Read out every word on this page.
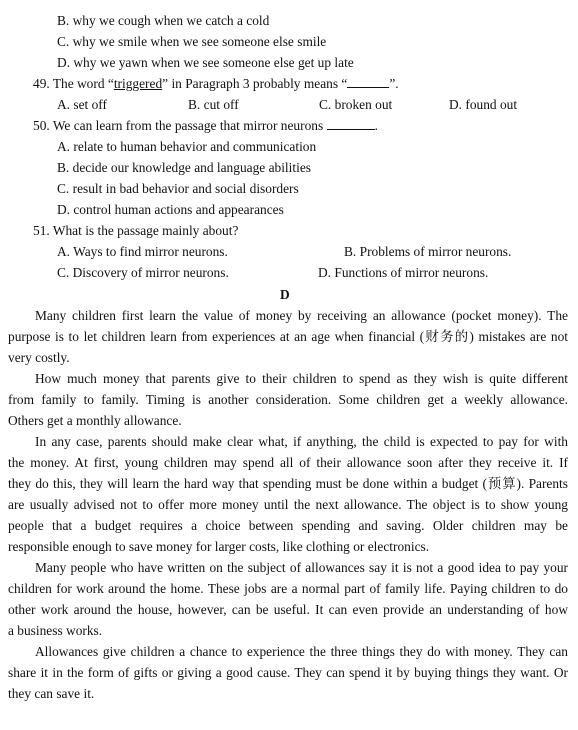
B. why we cough when we catch a cold
C. why we smile when we see someone else smile
D. why we yawn when we see someone else get up late
49. The word “triggered” in Paragraph 3 probably means “	”.
A. set off	B. cut off	C. broken out	D. found out
50. We can learn from the passage that mirror neurons	.
A. relate to human behavior and communication
B. decide our knowledge and language abilities
C. result in bad behavior and social disorders
D. control human actions and appearances
51. What is the passage mainly about?
A. Ways to find mirror neurons.	B. Problems of mirror neurons.
C. Discovery of mirror neurons.	D. Functions of mirror neurons.
D
Many children first learn the value of money by receiving an allowance (pocket money). The
purpose is to let children learn from experiences at an age when financial (财务的) mistakes are not
very costly.
How much money that parents give to their children to spend as they wish is quite different
from family to family. Timing is another consideration. Some children get a weekly allowance.
Others get a monthly allowance.
In any case, parents should make clear what, if anything, the child is expected to pay for with
the money. At first, young children may spend all of their allowance soon after they receive it. If
they do this, they will learn the hard way that spending must be done within a budget (预算). Parents
are usually advised not to offer more money until the next allowance. The object is to show young
people that a budget requires a choice between spending and saving. Older children may be
responsible enough to save money for larger costs, like clothing or electronics.
Many people who have written on the subject of allowances say it is not a good idea to pay your
children for work around the home. These jobs are a normal part of family life. Paying children to do
other work around the house, however, can be useful. It can even provide an understanding of how
a business works.
Allowances give children a chance to experience the three things they do with money. They can
share it in the form of gifts or giving a good cause. They can spend it by buying things they want. Or
they can save it.
